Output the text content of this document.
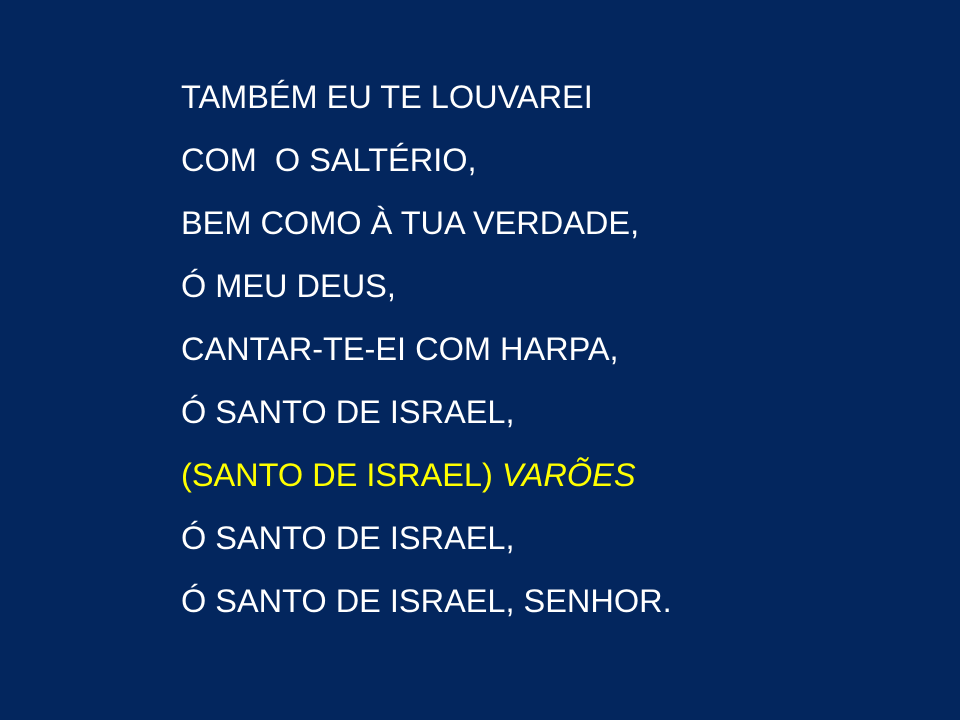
TAMBÉM EU TE LOUVAREI
COM  O SALTÉRIO,
BEM COMO À TUA VERDADE,
Ó MEU DEUS,
CANTAR-TE-EI COM HARPA,
Ó SANTO DE ISRAEL,
(SANTO DE ISRAEL) VARÕES
Ó SANTO DE ISRAEL,
Ó SANTO DE ISRAEL, SENHOR.
